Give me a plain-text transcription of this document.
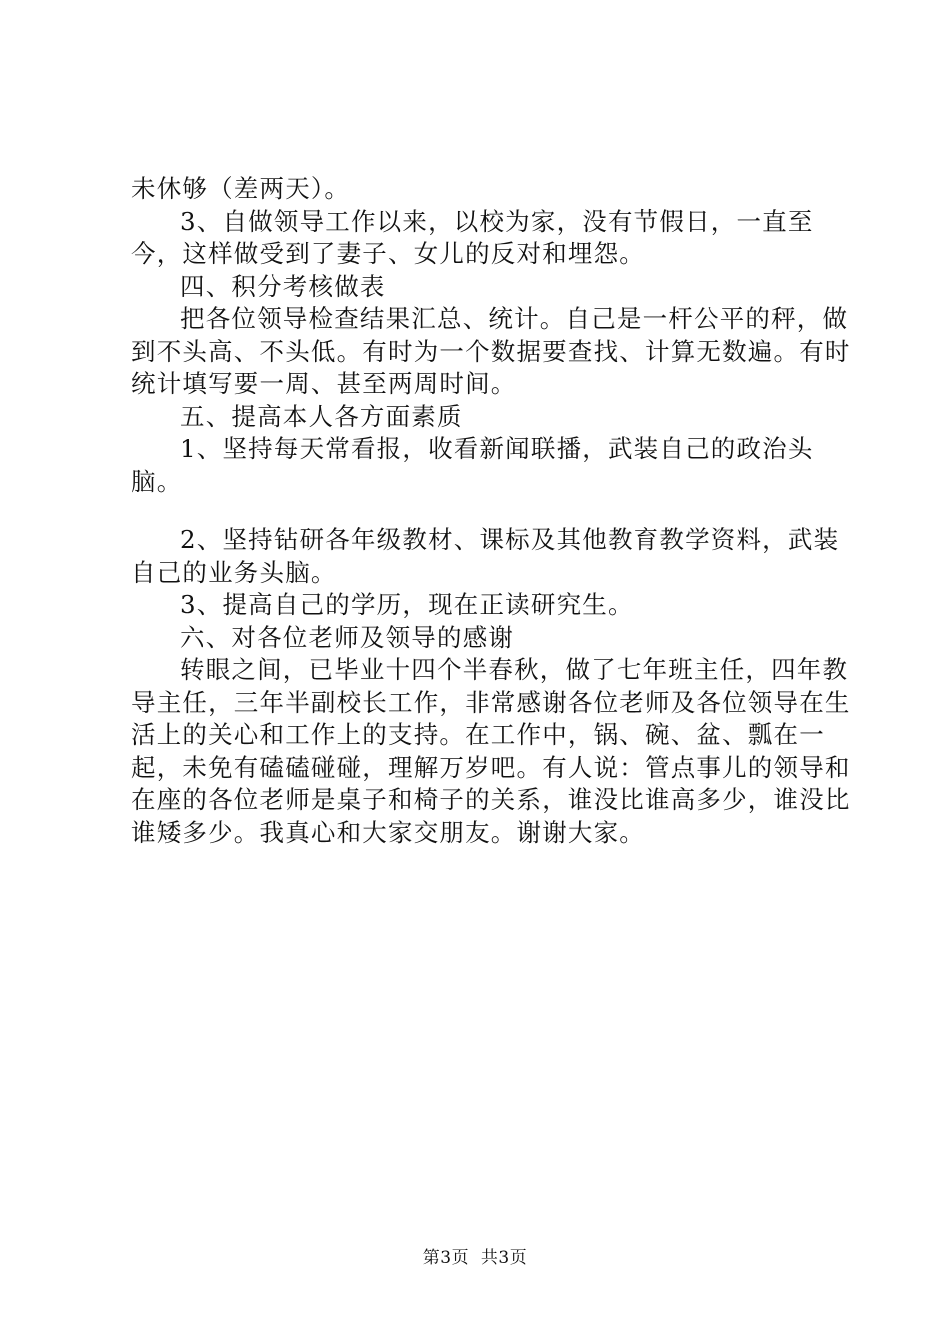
未休够（差两天）。

3、自做领导工作以来，以校为家，没有节假日，一直至今，这样做受到了妻子、女儿的反对和埋怨。

四、积分考核做表

把各位领导检查结果汇总、统计。自己是一杆公平的秤，做到不头高、不头低。有时为一个数据要查找、计算无数遍。有时统计填写要一周、甚至两周时间。

五、提高本人各方面素质

1、坚持每天常看报，收看新闻联播，武装自己的政治头脑。

2、坚持钻研各年级教材、课标及其他教育教学资料，武装自己的业务头脑。

3、提高自己的学历，现在正读研究生。

六、对各位老师及领导的感谢

转眼之间，已毕业十四个半春秋，做了七年班主任，四年教导主任，三年半副校长工作，非常感谢各位老师及各位领导在生活上的关心和工作上的支持。在工作中，锅、碗、盆、瓢在一起，未免有磕磕碰碰，理解万岁吧。有人说：管点事儿的领导和在座的各位老师是桌子和椅子的关系，谁没比谁高多少，谁没比谁矮多少。我真心和大家交朋友。谢谢大家。

第3页 共3页
